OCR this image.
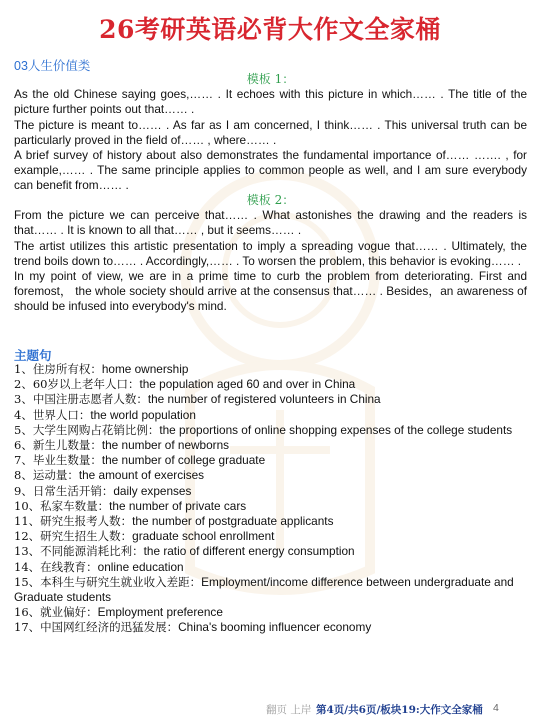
26考研英语必背大作文全家桶
03人生价值类

模板 1：

As the old Chinese saying goes,…… . It echoes with this picture in which…… . The title of the picture further points out that…… .

The picture is meant to…… . As far as I am concerned, I think…… . This universal truth can be particularly proved in the field of…… , where…… .

A brief survey of history about also demonstrates the fundamental importance of…… ……. , for example,…… . The same principle applies to common people as well, and I am sure everybody can benefit from…… .

模板 2：

From the picture we can perceive that…… . What astonishes the drawing and the readers is that…… . It is known to all that…… , but it seems…… .

The artist utilizes this artistic presentation to imply a spreading vogue that…… . Ultimately, the trend boils down to…… . Accordingly,…… . To worsen the problem, this behavior is evoking…… .

In my point of view, we are in a prime time to curb the problem from deteriorating. First and foremost， the whole society should arrive at the consensus that…… . Besides，an awareness of should be infused into everybody's mind.

主题句

1、住房所有权：home ownership

2、60岁以上老年人口：the population aged 60 and over in China

3、中国注册志愿者人数：the number of registered volunteers in China

4、世界人口：the world population

5、大学生网购占花销比例：the proportions of online shopping expenses of the college students

6、新生儿数量：the number of newborns

7、毕业生数量：the number of college graduate

8、运动量：the amount of exercises

9、日常生活开销：daily expenses

10、私家车数量：the number of private cars

11、研究生报考人数：the number of postgraduate applicants

12、研究生招生人数：graduate school enrollment

13、不同能源消耗比利：the ratio of different energy consumption

14、在线教育：online education

15、本科生与研究生就业收入差距：Employment/income difference between undergraduate and Graduate students

16、就业偏好：Employment preference

17、中国网红经济的迅猛发展：China's booming influencer economy

翻页 上岸 第4页/共6页/板块19:大作文全家桶 4
